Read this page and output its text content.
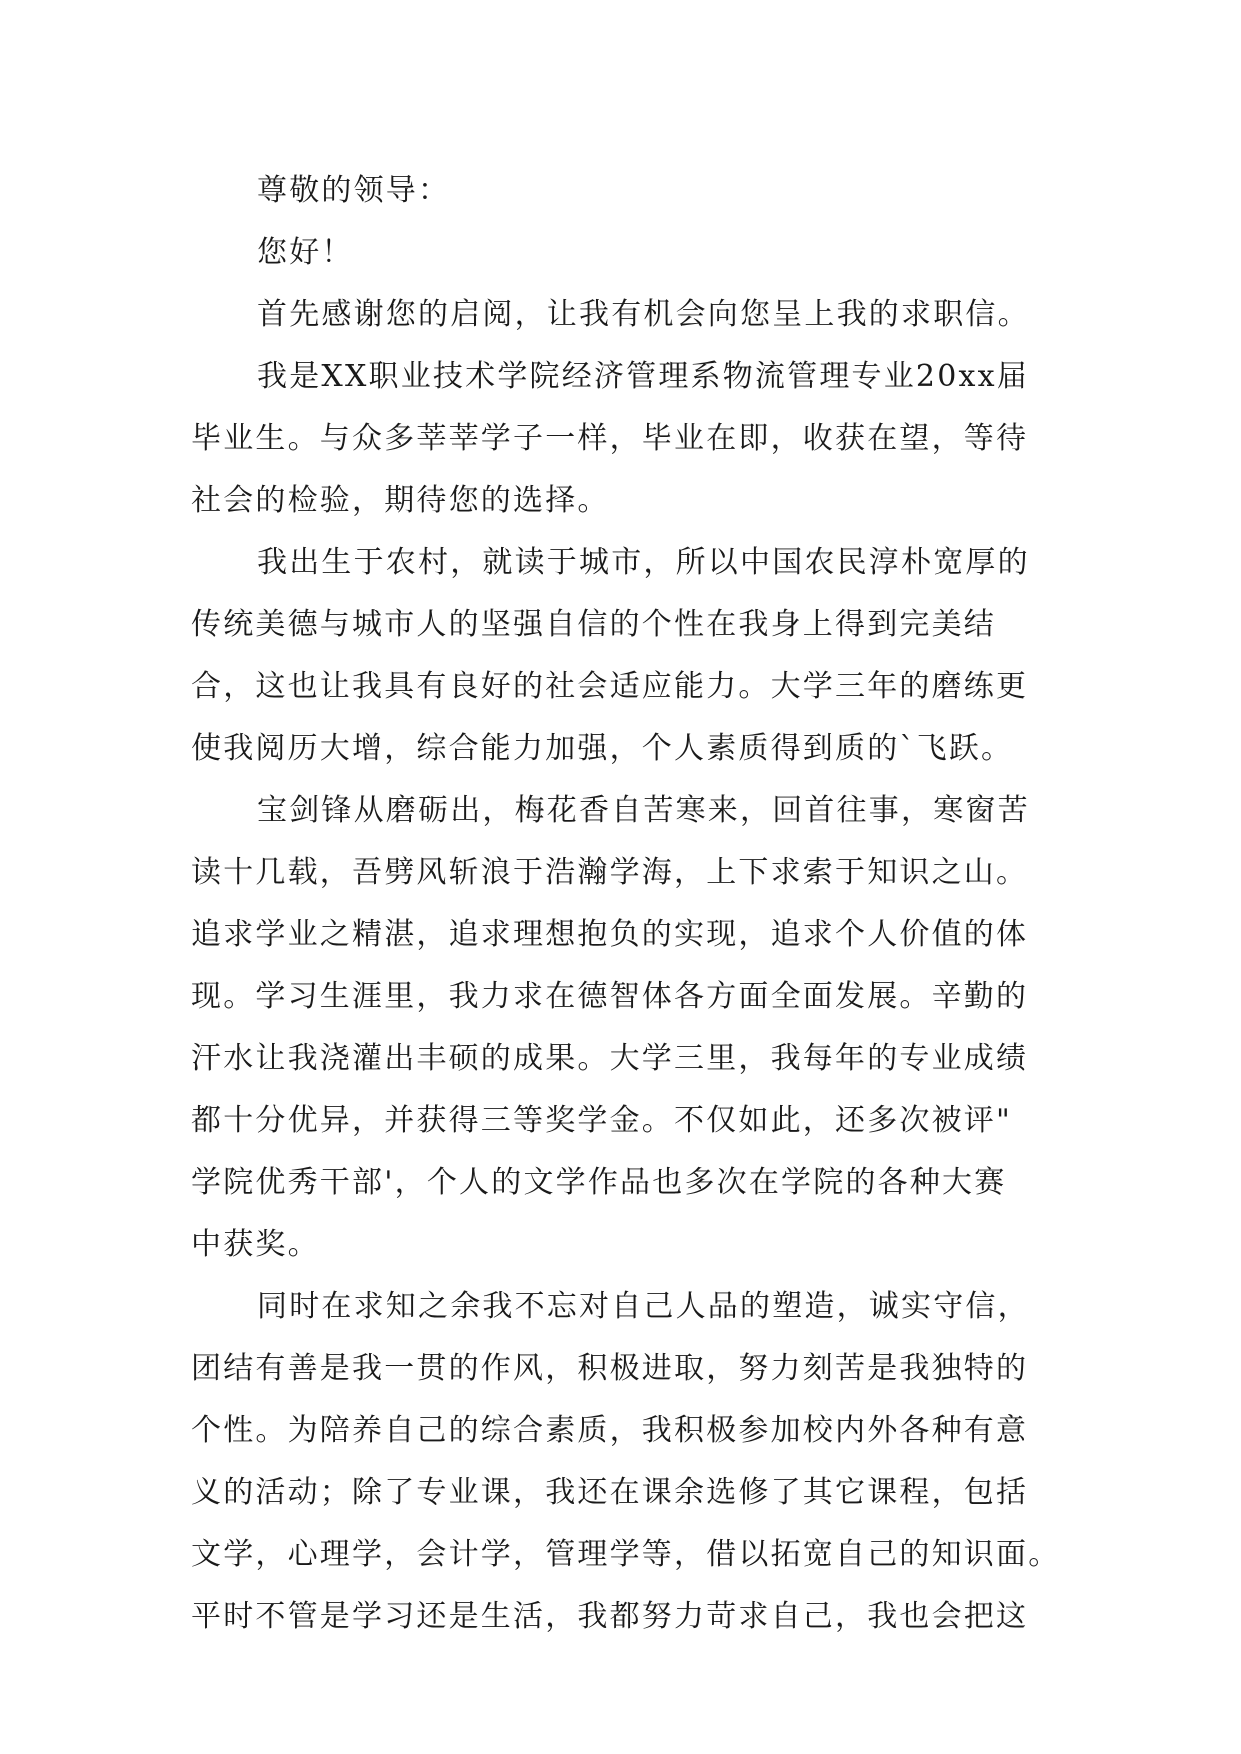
尊敬的领导：
您好！
首先感谢您的启阅，让我有机会向您呈上我的求职信。
我是XX职业技术学院经济管理系物流管理专业20xx届
毕业生。与众多莘莘学子一样，毕业在即，收获在望，等待
社会的检验，期待您的选择。
我出生于农村，就读于城市，所以中国农民淳朴宽厚的
传统美德与城市人的坚强自信的个性在我身上得到完美结
合，这也让我具有良好的社会适应能力。大学三年的磨练更
使我阅历大增，综合能力加强，个人素质得到质的`飞跃。
宝剑锋从磨砺出，梅花香自苦寒来，回首往事，寒窗苦
读十几载，吾劈风斩浪于浩瀚学海，上下求索于知识之山。
追求学业之精湛，追求理想抱负的实现，追求个人价值的体
现。学习生涯里，我力求在德智体各方面全面发展。辛勤的
汗水让我浇灌出丰硕的成果。大学三里，我每年的专业成绩
都十分优异，并获得三等奖学金。不仅如此，还多次被评"
学院优秀干部'，个人的文学作品也多次在学院的各种大赛
中获奖。
同时在求知之余我不忘对自己人品的塑造，诚实守信，
团结有善是我一贯的作风，积极进取，努力刻苦是我独特的
个性。为陪养自己的综合素质，我积极参加校内外各种有意
义的活动；除了专业课，我还在课余选修了其它课程，包括
文学，心理学，会计学，管理学等，借以拓宽自己的知识面。
平时不管是学习还是生活，我都努力苛求自己，我也会把这
